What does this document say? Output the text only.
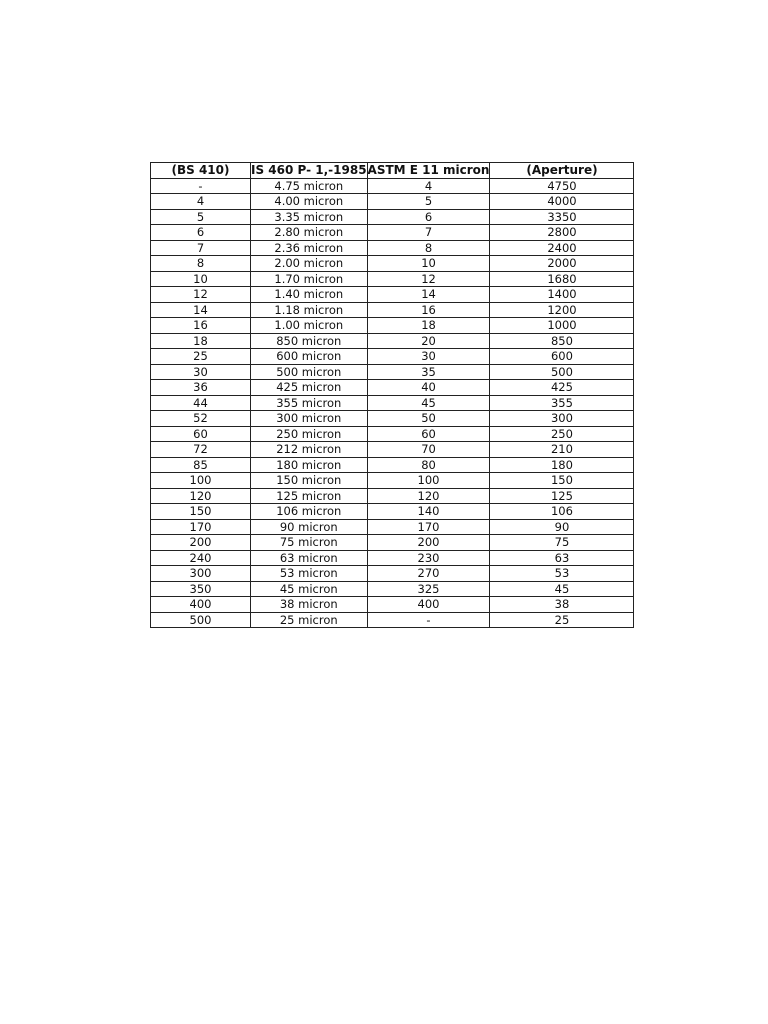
(BS 410)	IS 460 P- 1,-1985	ASTM E 11 micron	(Aperture)
-	4.75 micron	4	4750
4	4.00 micron	5	4000
5	3.35 micron	6	3350
6	2.80 micron	7	2800
7	2.36 micron	8	2400
8	2.00 micron	10	2000
10	1.70 micron	12	1680
12	1.40 micron	14	1400
14	1.18 micron	16	1200
16	1.00 micron	18	1000
18	850 micron	20	850
25	600 micron	30	600
30	500 micron	35	500
36	425 micron	40	425
44	355 micron	45	355
52	300 micron	50	300
60	250 micron	60	250
72	212 micron	70	210
85	180 micron	80	180
100	150 micron	100	150
120	125 micron	120	125
150	106 micron	140	106
170	90 micron	170	90
200	75 micron	200	75
240	63 micron	230	63
300	53 micron	270	53
350	45 micron	325	45
400	38 micron	400	38
500	25 micron	-	25
